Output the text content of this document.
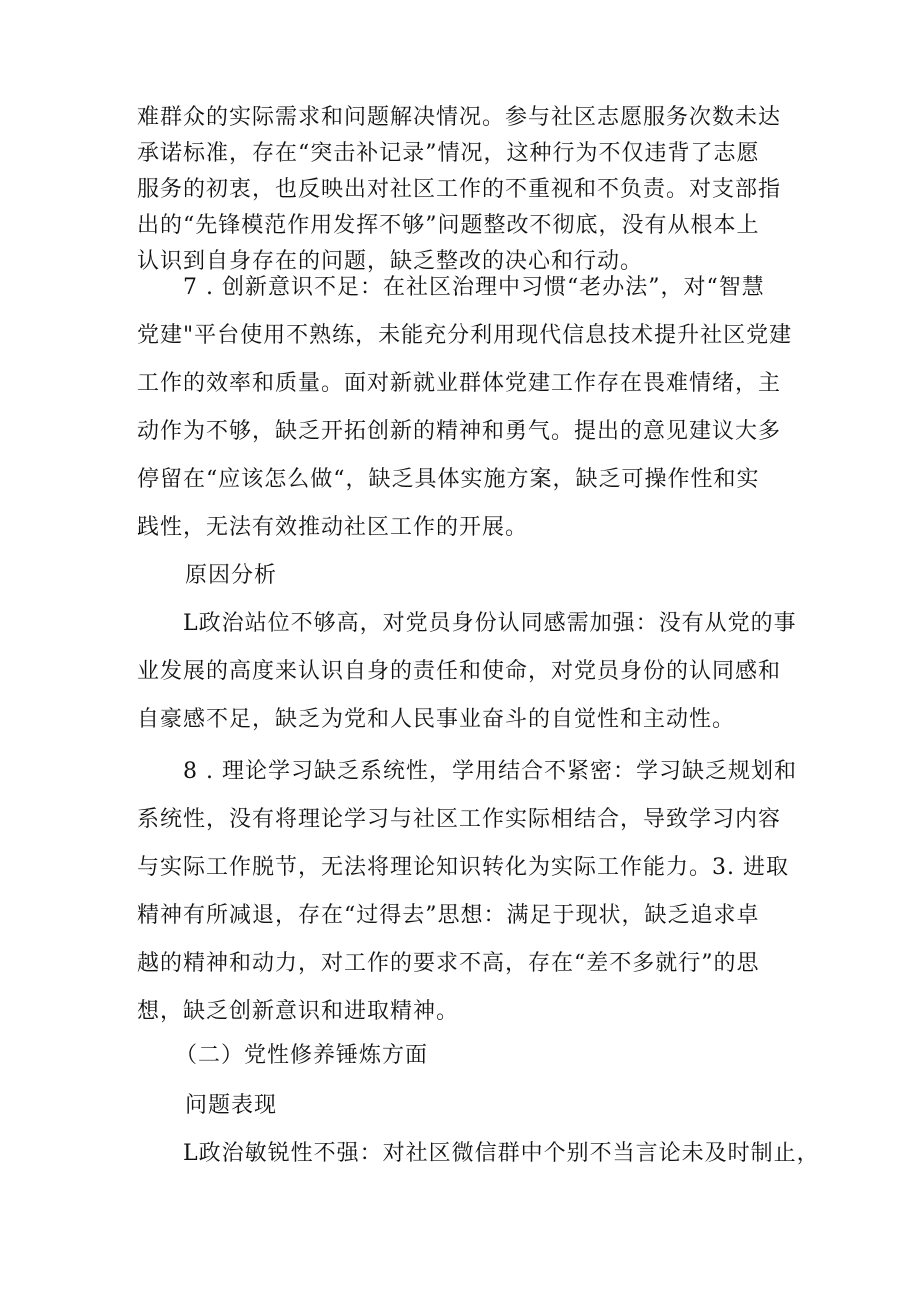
难群众的实际需求和问题解决情况。参与社区志愿服务次数未达
承诺标准，存在“突击补记录”情况，这种行为不仅违背了志愿
服务的初衷，也反映出对社区工作的不重视和不负责。对支部指
出的“先锋模范作用发挥不够”问题整改不彻底，没有从根本上
认识到自身存在的问题，缺乏整改的决心和行动。

　　7 . 创新意识不足：在社区治理中习惯“老办法”，对“智慧
党建"平台使用不熟练，未能充分利用现代信息技术提升社区党建
工作的效率和质量。面对新就业群体党建工作存在畏难情绪，主
动作为不够，缺乏开拓创新的精神和勇气。提出的意见建议大多
停留在“应该怎么做“，缺乏具体实施方案，缺乏可操作性和实
践性，无法有效推动社区工作的开展。

原因分析

　　L政治站位不够高，对党员身份认同感需加强：没有从党的事
业发展的高度来认识自身的责任和使命，对党员身份的认同感和
自豪感不足，缺乏为党和人民事业奋斗的自觉性和主动性。

　　8 . 理论学习缺乏系统性，学用结合不紧密：学习缺乏规划和
系统性，没有将理论学习与社区工作实际相结合，导致学习内容
与实际工作脱节，无法将理论知识转化为实际工作能力。3. 进取
精神有所减退，存在“过得去”思想：满足于现状，缺乏追求卓
越的精神和动力，对工作的要求不高，存在“差不多就行”的思
想，缺乏创新意识和进取精神。

（二）党性修养锤炼方面

问题表现

　　L政治敏锐性不强：对社区微信群中个别不当言论未及时制止，
